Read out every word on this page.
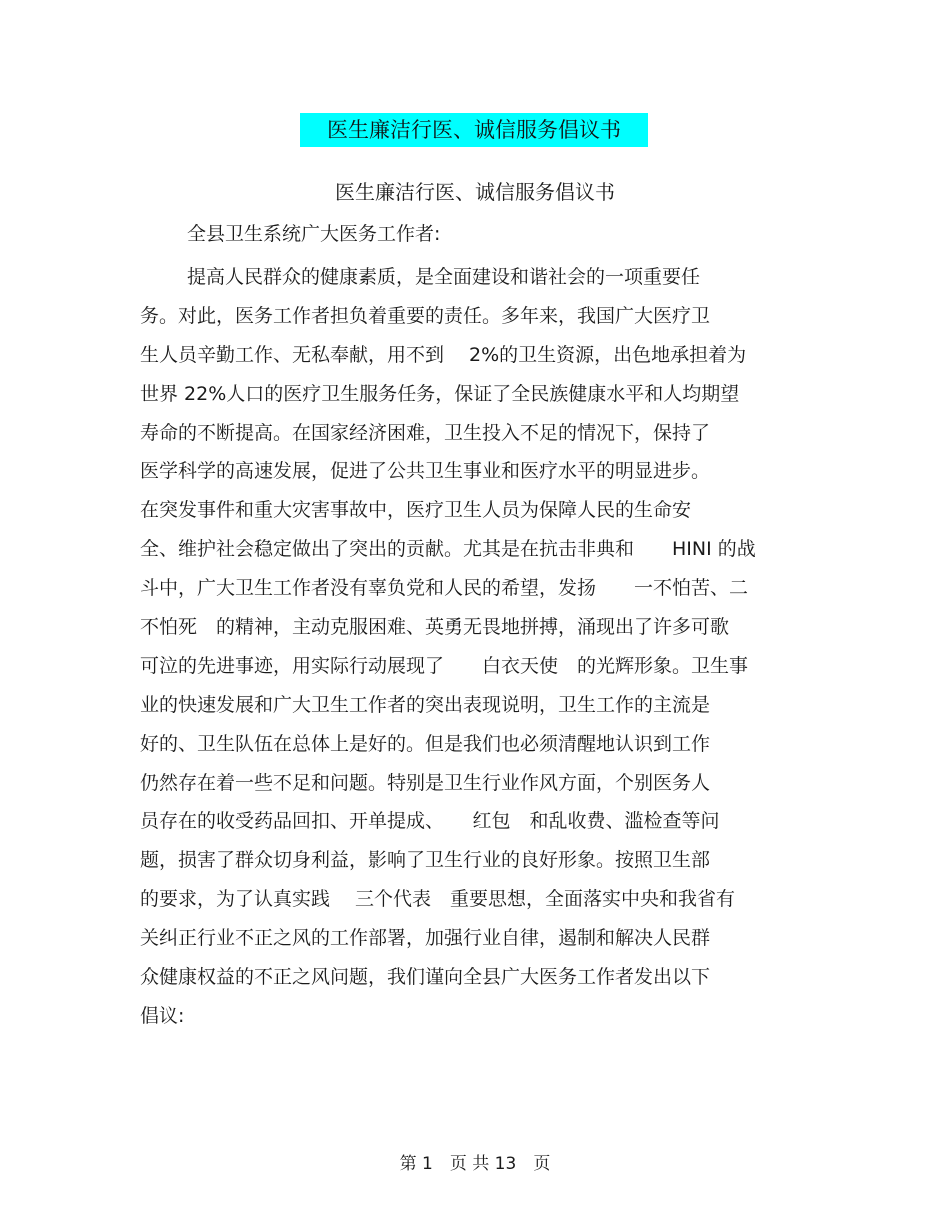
医生廉洁行医、诚信服务倡议书
医生廉洁行医、诚信服务倡议书
全县卫生系统广大医务工作者:
提高人民群众的健康素质，是全面建设和谐社会的一项重要任
务。对此，医务工作者担负着重要的责任。多年来，我国广大医疗卫
生人员辛勤工作、无私奉献，用不到　 2%的卫生资源，出色地承担着为
世界 22%人口的医疗卫生服务任务，保证了全民族健康水平和人均期望
寿命的不断提高。在国家经济困难，卫生投入不足的情况下，保持了
医学科学的高速发展，促进了公共卫生事业和医疗水平的明显进步。
在突发事件和重大灾害事故中，医疗卫生人员为保障人民的生命安
全、维护社会稳定做出了突出的贡献。尤其是在抗击非典和　　HINI 的战
斗中，广大卫生工作者没有辜负党和人民的希望，发扬　　一不怕苦、二
不怕死　的精神，主动克服困难、英勇无畏地拼搏，涌现出了许多可歌
可泣的先进事迹，用实际行动展现了　　白衣天使　的光辉形象。卫生事
业的快速发展和广大卫生工作者的突出表现说明，卫生工作的主流是
好的、卫生队伍在总体上是好的。但是我们也必须清醒地认识到工作
仍然存在着一些不足和问题。特别是卫生行业作风方面，个别医务人
员存在的收受药品回扣、开单提成、　　红包　和乱收费、滥检查等问
题，损害了群众切身利益，影响了卫生行业的良好形象。按照卫生部
的要求，为了认真实践　 三个代表　重要思想，全面落实中央和我省有
关纠正行业不正之风的工作部署，加强行业自律，遏制和解决人民群
众健康权益的不正之风问题，我们谨向全县广大医务工作者发出以下
倡议:
第 1　页 共 13　页
